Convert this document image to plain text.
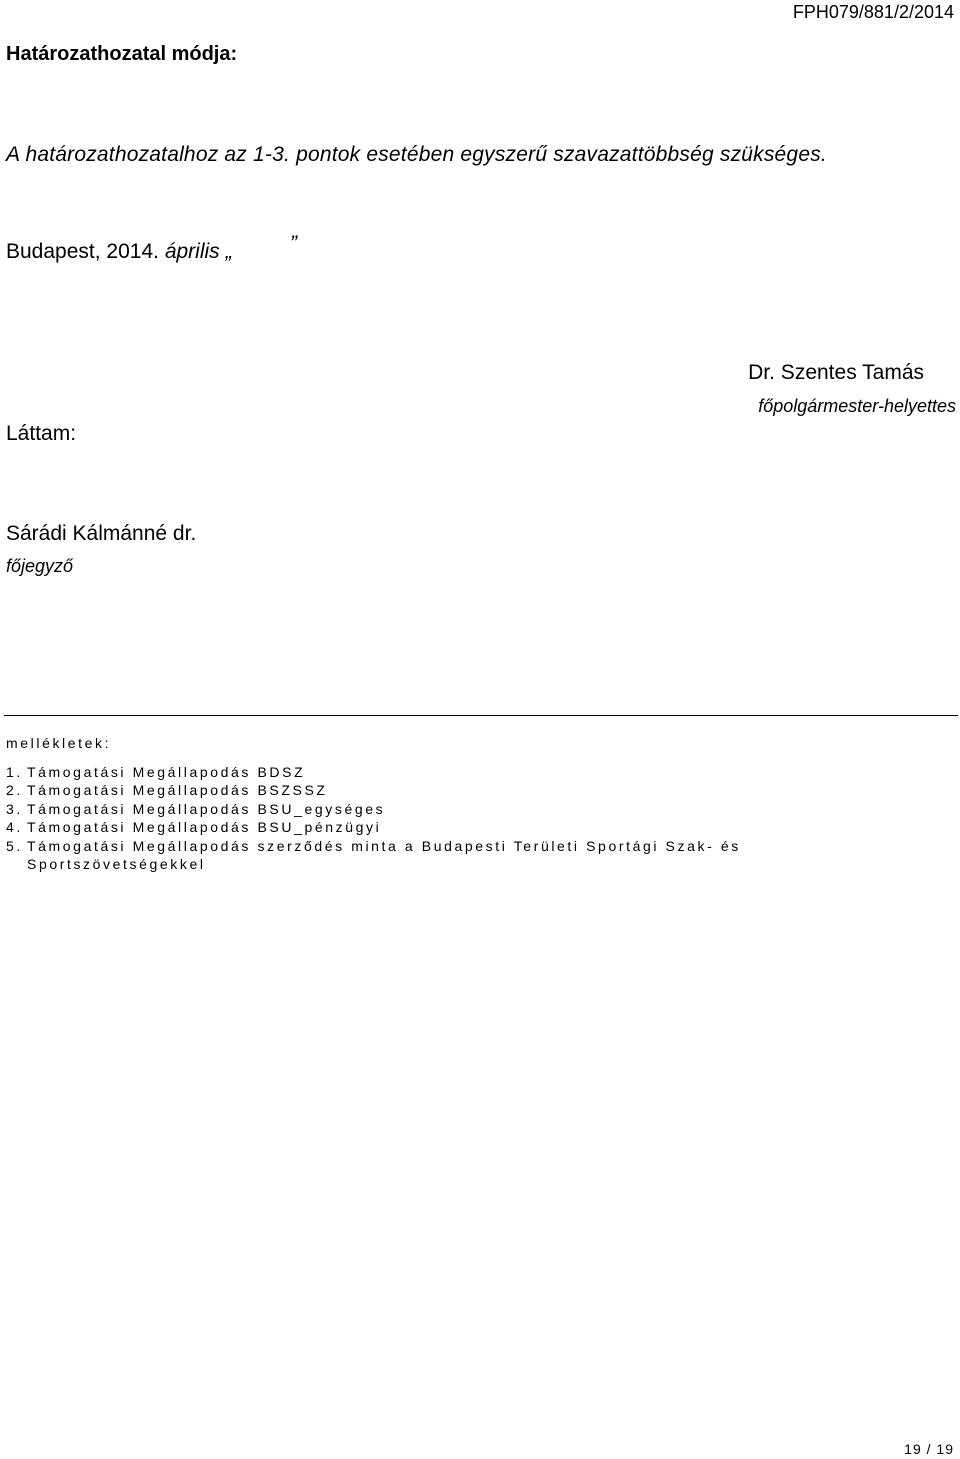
FPH079/881/2/2014
Határozathozatal módja:
A határozathozatalhoz az 1-3. pontok esetében egyszerű szavazattöbbség szükséges.
Budapest, 2014. április „	”
Dr. Szentes Tamás
főpolgármester-helyettes
Láttam:
Sárádi Kálmánné dr.
főjegyző
mellékletek:
1. Támogatási Megállapodás BDSZ
2. Támogatási Megállapodás BSZSSZ
3. Támogatási Megállapodás BSU_egységes
4. Támogatási Megállapodás BSU_pénzügyi
5. Támogatási Megállapodás szerződés minta a Budapesti Területi Sportági Szak- és
Sportszövetségekkel
19 / 19
